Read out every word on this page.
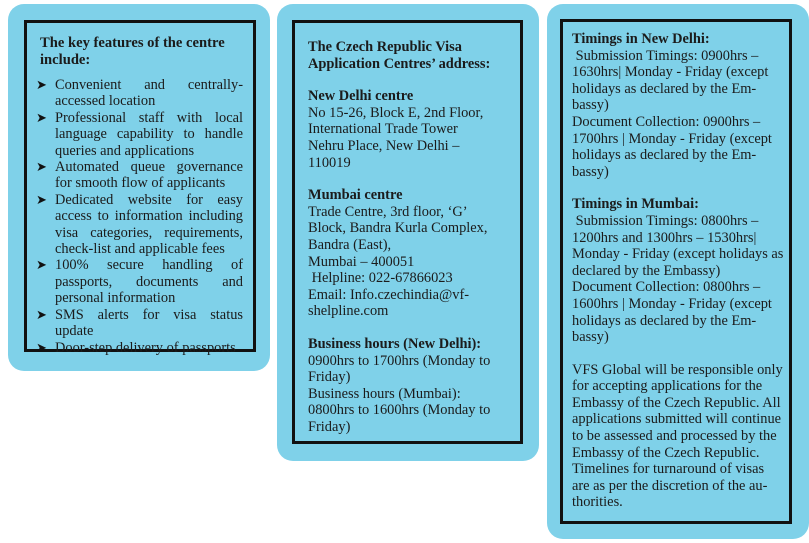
The key features of the centre include:
➤ Convenient and centrally-accessed location
➤ Professional staff with local language capability to handle queries and applications
➤ Automated queue governance for smooth flow of applicants
➤ Dedicated website for easy access to information including visa categories, requirements, check-list and applicable fees
➤ 100% secure handling of passports, documents and personal information
➤ SMS alerts for visa status update
➤ Door-step delivery of passports
The Czech Republic Visa Application Centres’ address:
New Delhi centre
No 15-26, Block E, 2nd Floor,
International Trade Tower
Nehru Place, New Delhi –
110019
Mumbai centre
Trade Centre, 3rd floor, ‘G’
Block, Bandra Kurla Complex,
Bandra (East),
Mumbai – 400051
Helpline: 022-67866023
Email: Info.czechindia@vf-
shelpline.com
Business hours (New Delhi):
0900hrs to 1700hrs (Monday to
Friday)
Business hours (Mumbai):
0800hrs to 1600hrs (Monday to
Friday)
Timings in New Delhi:
Submission Timings: 0900hrs –
1630hrs| Monday - Friday (except
holidays as declared by the Em-
bassy)
Document Collection: 0900hrs –
1700hrs | Monday - Friday (except
holidays as declared by the Em-
bassy)
Timings in Mumbai:
Submission Timings: 0800hrs –
1200hrs and 1300hrs – 1530hrs|
Monday - Friday (except holidays as
declared by the Embassy)
Document Collection: 0800hrs –
1600hrs | Monday - Friday (except
holidays as declared by the Em-
bassy)
VFS Global will be responsible only
for accepting applications for the
Embassy of the Czech Republic. All
applications submitted will continue
to be assessed and processed by the
Embassy of the Czech Republic.
Timelines for turnaround of visas
are as per the discretion of the au-
thorities.
